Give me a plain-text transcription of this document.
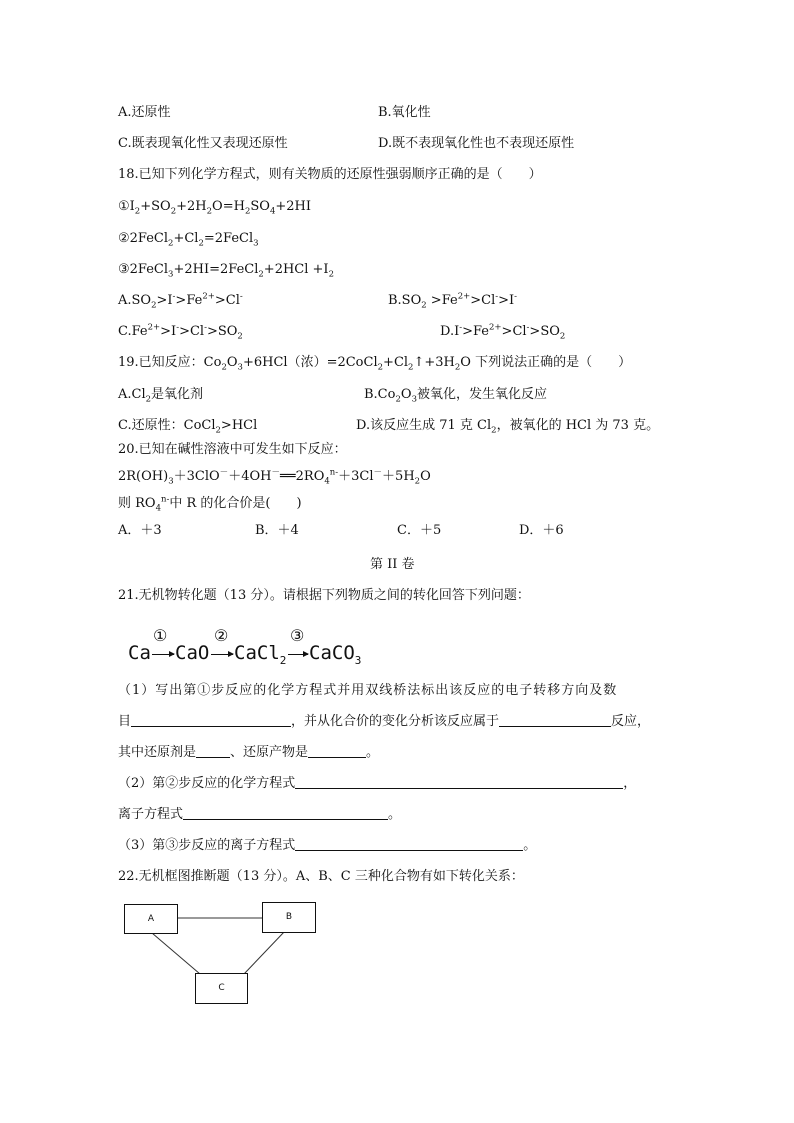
A.还原性	B.氧化性
C.既表现氧化性又表现还原性	D.既不表现氧化性也不表现还原性
18.已知下列化学方程式，则有关物质的还原性强弱顺序正确的是（　　）
$①I_2+SO_2+2H_2O=H_2SO_4+2HI$
$②2FeCl_2+Cl_2=2FeCl_3$
③2FeCl$_3$+2HI=2FeCl$_2$+2HCl $+I_2$
$A.SO_2>I^->Fe^{2+}>Cl^-$	$B.SO_2 >Fe^{2+}>Cl^->I^-$
$C.Fe^{2+}>I^->Cl^->SO_2$	$D.I^->Fe^{2+}>Cl^->SO_2$
19.已知反应：$Co_2O_3+6HCl$（浓）$=2CoCl_2+Cl_2↑+3H_2O$ 下列说法正确的是（　　）
$A.Cl_2$是氧化剂	$B.Co_2O_3$被氧化，发生氧化反应
C.还原性：CoCl$_2$>HCl	D.该反应生成 71 克 $Cl_2$，被氧化的 HCl 为 73 克。
20.已知在碱性溶液中可发生如下反应：
$2R(OH)_3+3ClO^-+4OH^-══2RO_4^{n-}+3Cl^-+5H_2O$
则 $RO_4^{n-}$中 R 的化合价是(　　)
A．＋3	B．＋4	C．＋5	D．＋6
第 II 卷
21.无机物转化题（13 分）。请根据下列物质之间的转化回答下列问题：
Ca
①
CaO
②
CaCl$_2$
③
CaCO$_3$
（1）写出第①步反应的化学方程式并用双线桥法标出该反应的电子转移方向及数
目	，并从化合价的变化分析该反应属于	反应，
其中还原剂是	、还原产物是	。
（2）第②步反应的化学方程式	，
离子方程式	。
（3）第③步反应的离子方程式	。
22.无机框图推断题（13 分）。A、B、C 三种化合物有如下转化关系：
A	B
C
